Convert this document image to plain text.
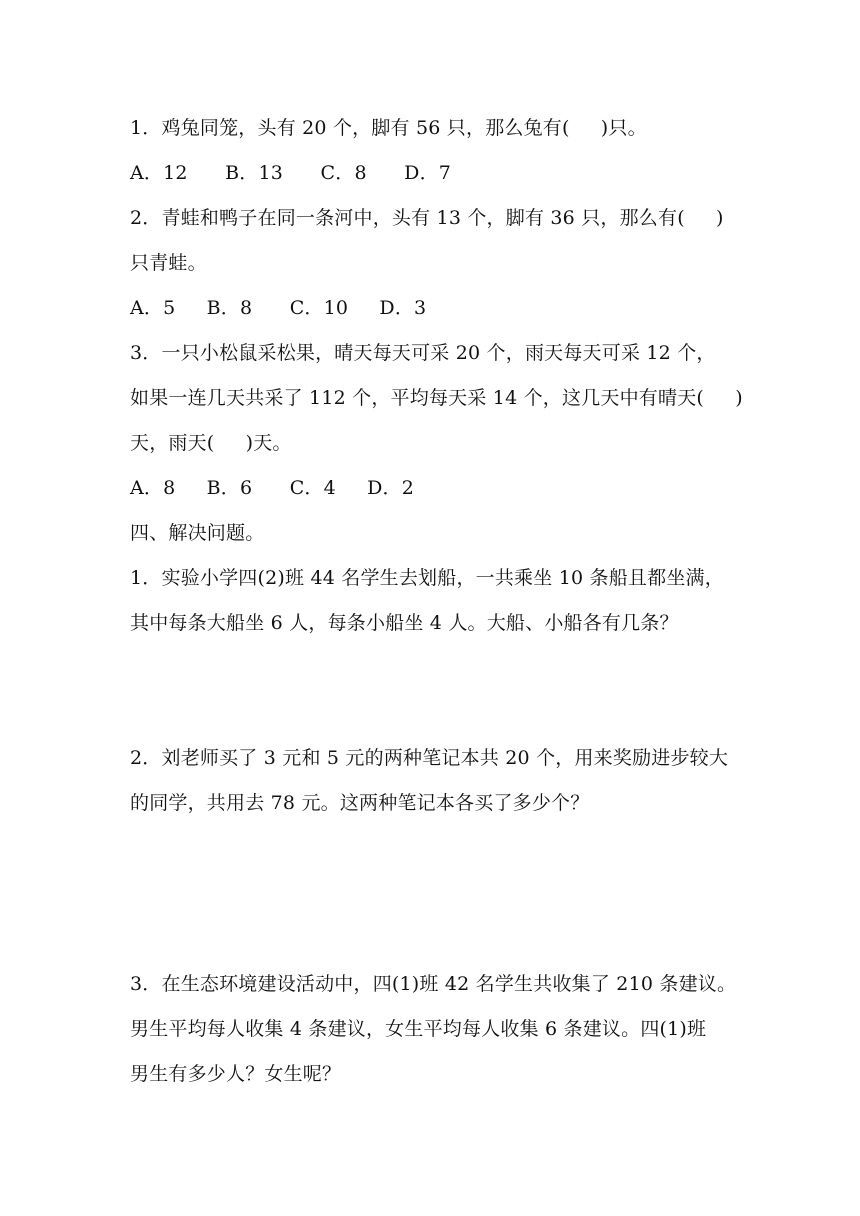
1．鸡兔同笼，头有 20 个，脚有 56 只，那么兔有(     )只。
A．12      B．13      C．8      D．7
2．青蛙和鸭子在同一条河中，头有 13 个，脚有 36 只，那么有(     )
只青蛙。
A．5     B．8      C．10     D．3
3．一只小松鼠采松果，晴天每天可采 20 个，雨天每天可采 12 个，
如果一连几天共采了 112 个，平均每天采 14 个，这几天中有晴天(     )
天，雨天(     )天。
A．8     B．6      C．4     D．2
四、解决问题。
1．实验小学四(2)班 44 名学生去划船，一共乘坐 10 条船且都坐满，
其中每条大船坐 6 人，每条小船坐 4 人。大船、小船各有几条？
2．刘老师买了 3 元和 5 元的两种笔记本共 20 个，用来奖励进步较大
的同学，共用去 78 元。这两种笔记本各买了多少个？
3．在生态环境建设活动中，四(1)班 42 名学生共收集了 210 条建议。
男生平均每人收集 4 条建议，女生平均每人收集 6 条建议。四(1)班
男生有多少人？女生呢？
